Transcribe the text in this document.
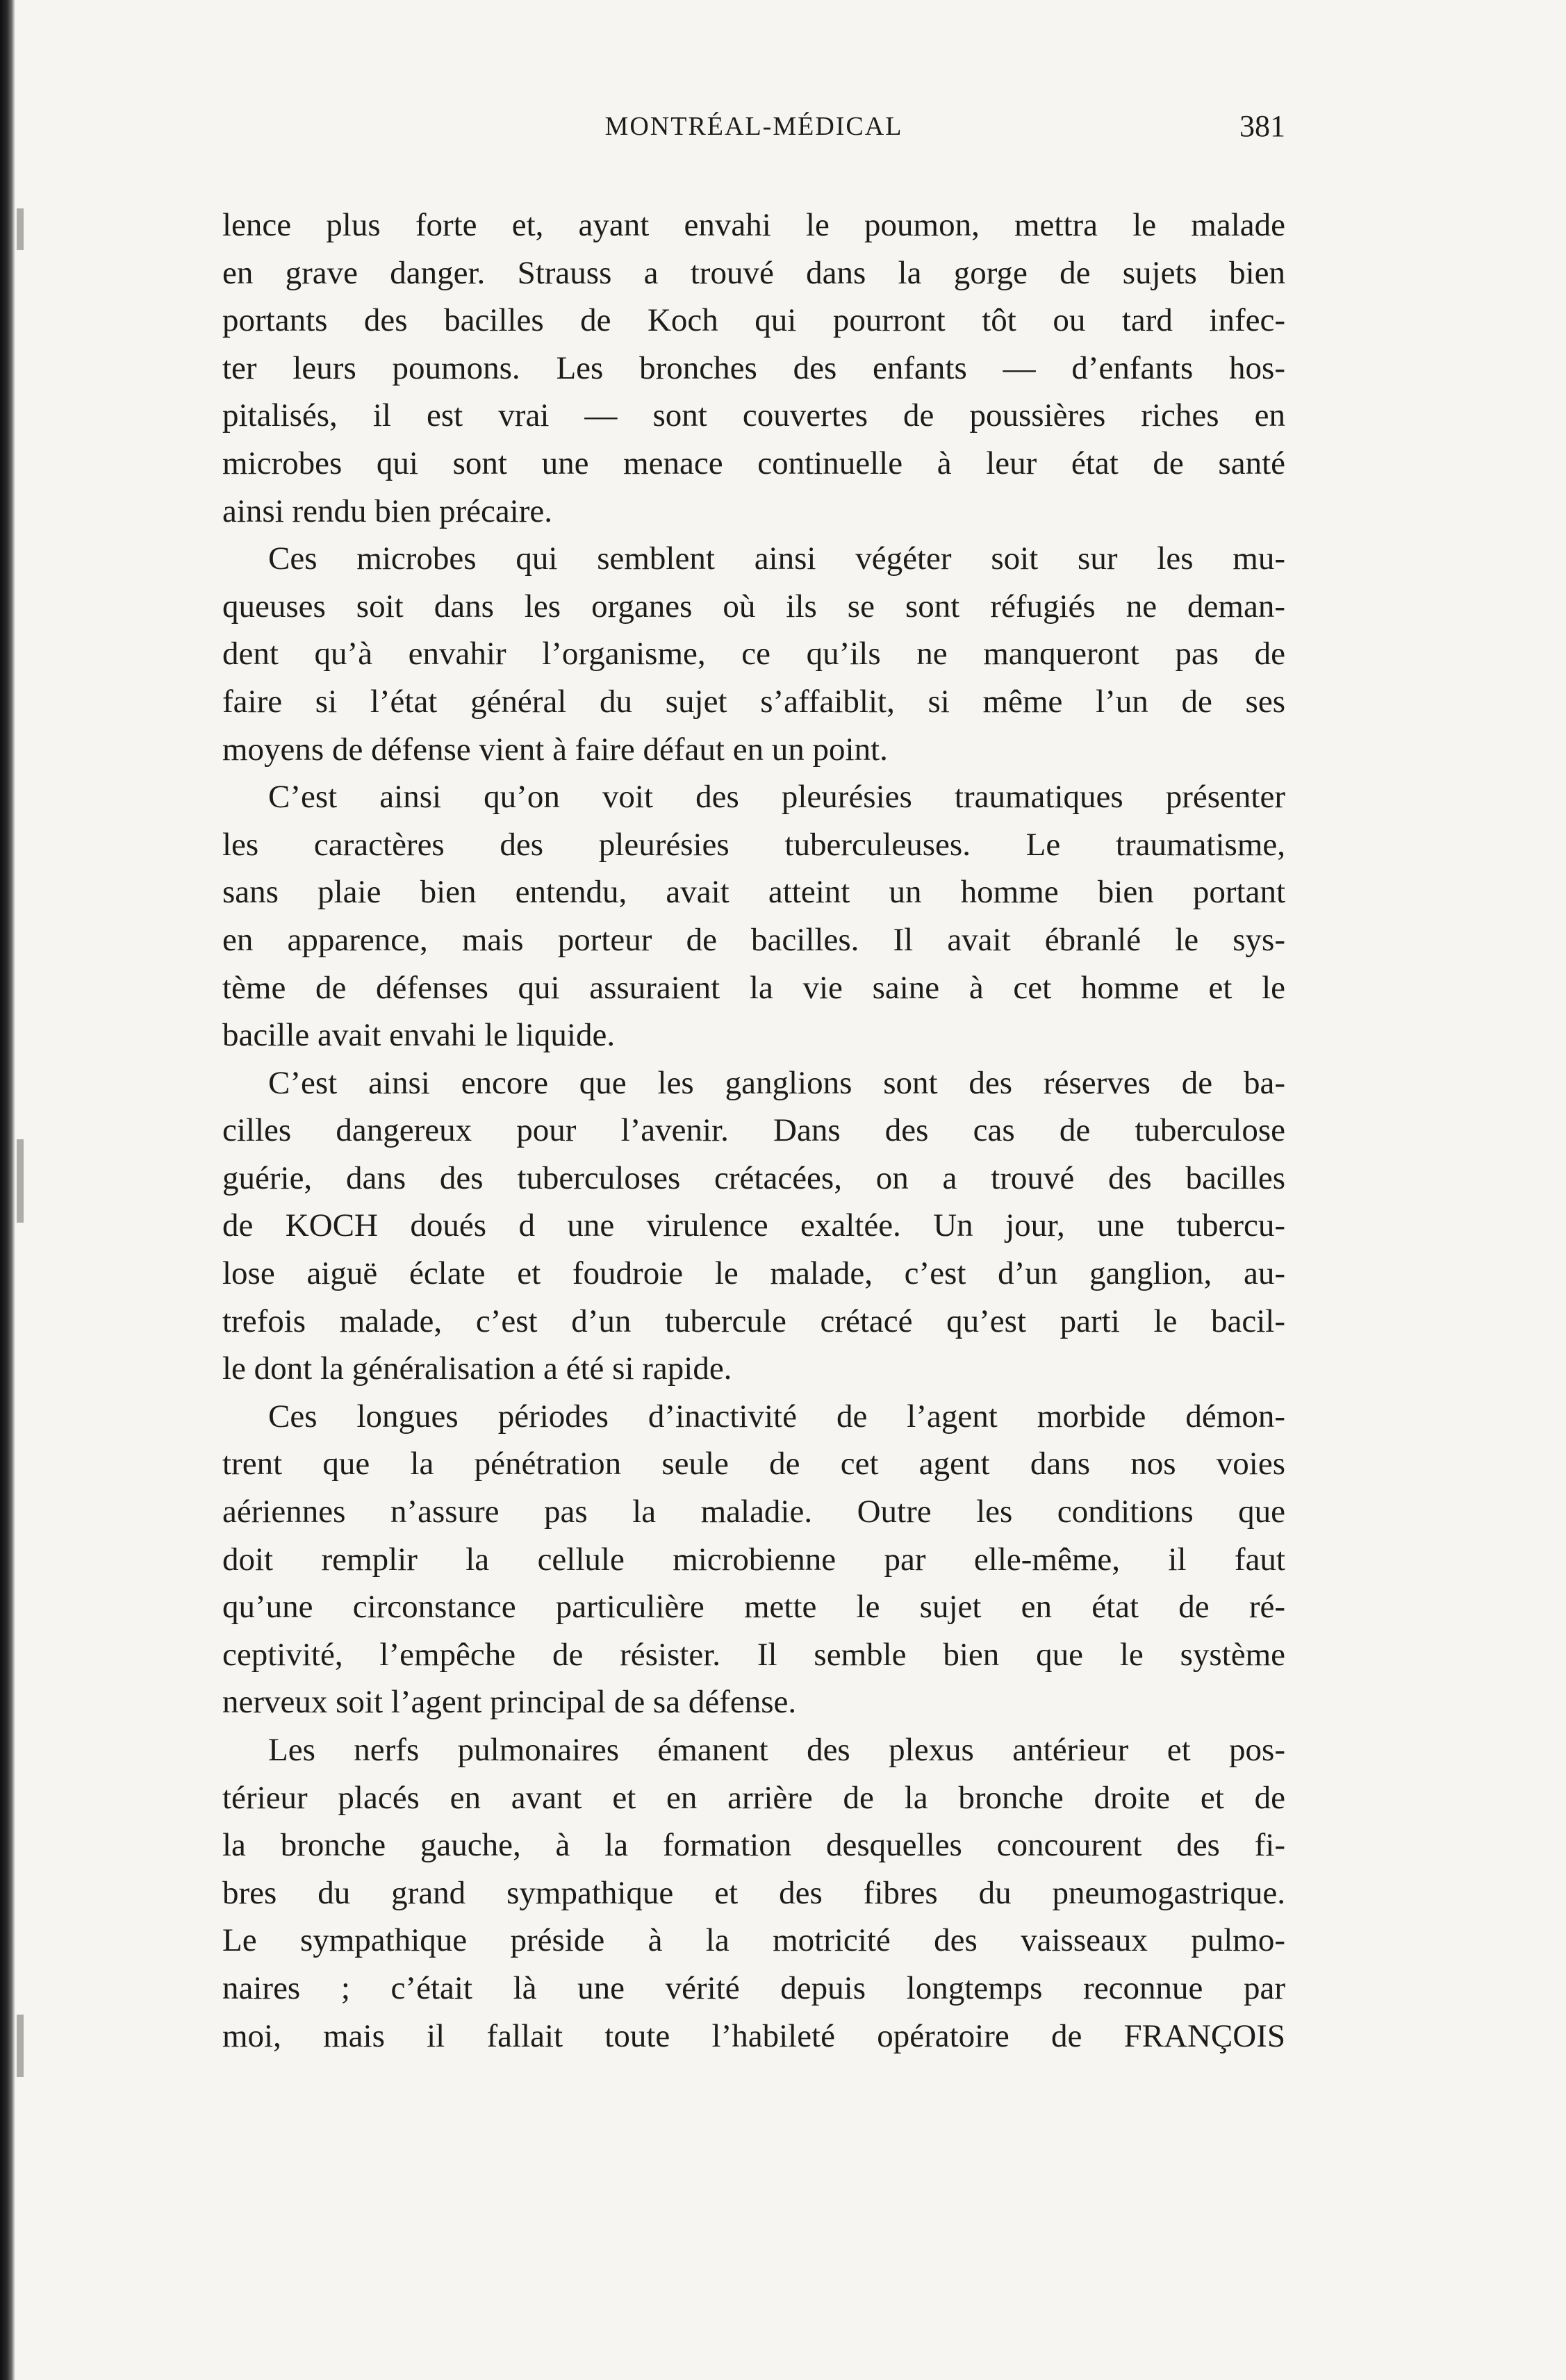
MONTRÉAL-MÉDICAL	381
lence plus forte et, ayant envahi le poumon, mettra le malade
en grave danger. Strauss a trouvé dans la gorge de sujets bien
portants des bacilles de Koch qui pourront tôt ou tard infec-
ter leurs poumons. Les bronches des enfants — d’enfants hos-
pitalisés, il est vrai — sont couvertes de poussières riches en
microbes qui sont une menace continuelle à leur état de santé
ainsi rendu bien précaire.
Ces microbes qui semblent ainsi végéter soit sur les mu-
queuses soit dans les organes où ils se sont réfugiés ne deman-
dent qu’à envahir l’organisme, ce qu’ils ne manqueront pas de
faire si l’état général du sujet s’affaiblit, si même l’un de ses
moyens de défense vient à faire défaut en un point.
C’est ainsi qu’on voit des pleurésies traumatiques présenter
les caractères des pleurésies tuberculeuses. Le traumatisme,
sans plaie bien entendu, avait atteint un homme bien portant
en apparence, mais porteur de bacilles. Il avait ébranlé le sys-
tème de défenses qui assuraient la vie saine à cet homme et le
bacille avait envahi le liquide.
C’est ainsi encore que les ganglions sont des réserves de ba-
cilles dangereux pour l’avenir. Dans des cas de tuberculose
guérie, dans des tuberculoses crétacées, on a trouvé des bacilles
de KOCH doués d une virulence exaltée. Un jour, une tubercu-
lose aiguë éclate et foudroie le malade, c’est d’un ganglion, au-
trefois malade, c’est d’un tubercule crétacé qu’est parti le bacil-
le dont la généralisation a été si rapide.
Ces longues périodes d’inactivité de l’agent morbide démon-
trent que la pénétration seule de cet agent dans nos voies
aériennes n’assure pas la maladie. Outre les conditions que
doit remplir la cellule microbienne par elle-même, il faut
qu’une circonstance particulière mette le sujet en état de ré-
ceptivité, l’empêche de résister. Il semble bien que le système
nerveux soit l’agent principal de sa défense.
Les nerfs pulmonaires émanent des plexus antérieur et pos-
térieur placés en avant et en arrière de la bronche droite et de
la bronche gauche, à la formation desquelles concourent des fi-
bres du grand sympathique et des fibres du pneumogastrique.
Le sympathique préside à la motricité des vaisseaux pulmo-
naires ; c’était là une vérité depuis longtemps reconnue par
moi, mais il fallait toute l’habileté opératoire de FRANÇOIS
